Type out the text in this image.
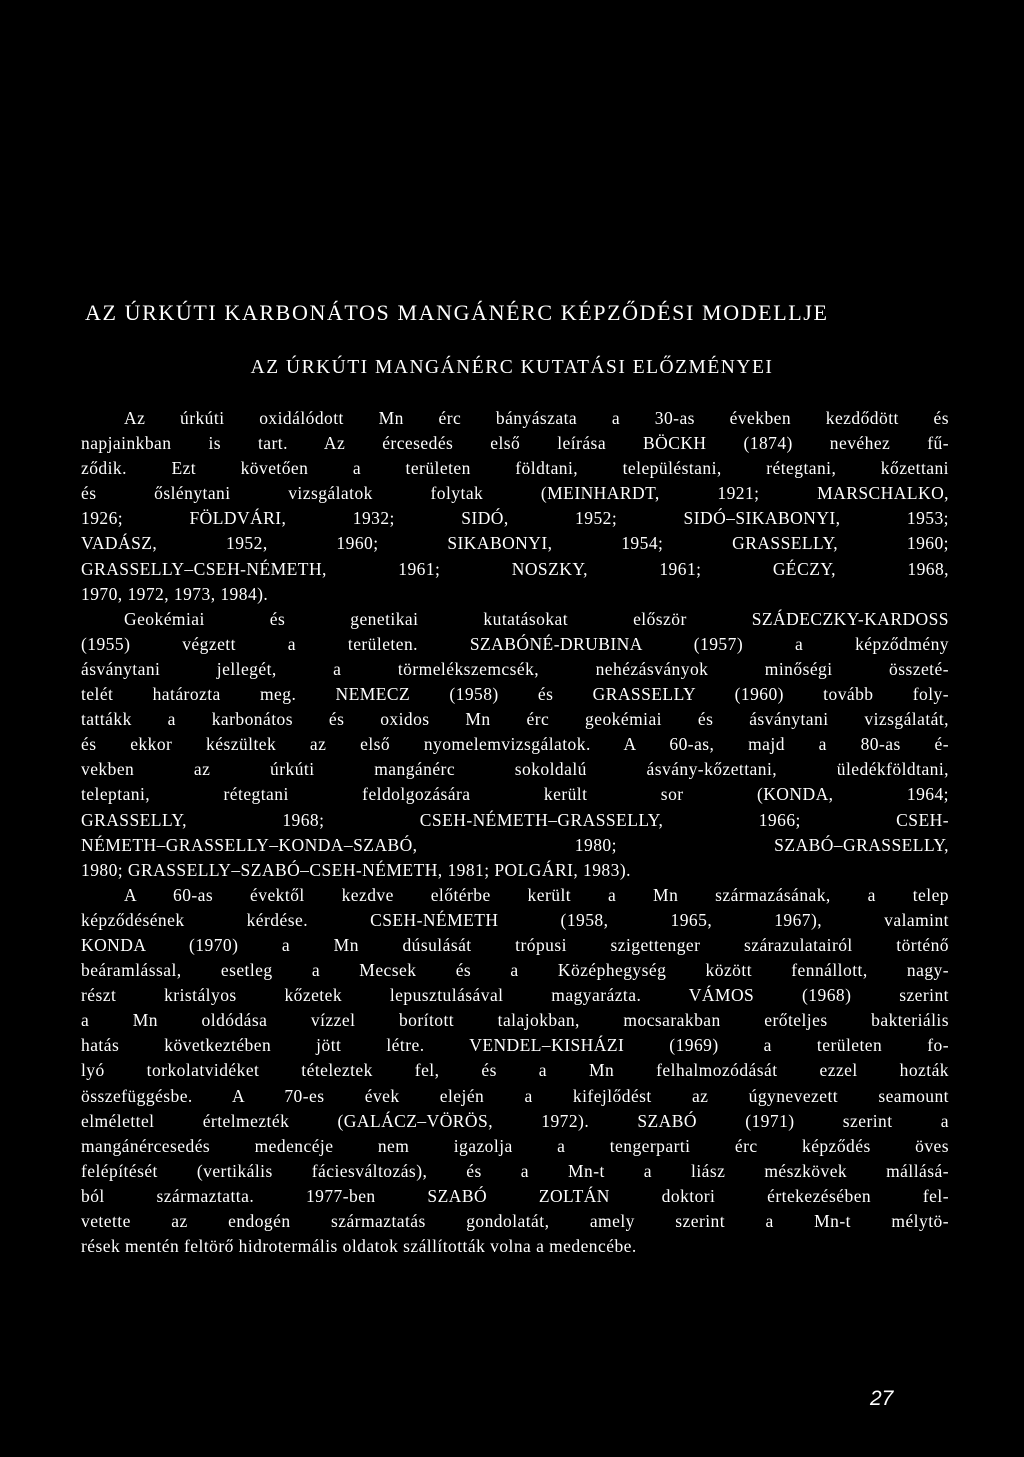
AZ ÚRKÚTI KARBONÁTOS MANGÁNÉRC KÉPZŐDÉSI MODELLJE
AZ ÚRKÚTI MANGÁNÉRC KUTATÁSI ELŐZMÉNYEI
Az úrkúti oxidálódott Mn érc bányászata a 30-as években kezdődött és
napjainkban is tart. Az ércesedés első leírása BÖCKH (1874) nevéhez fű-
ződik. Ezt követően a területen földtani, településtani, rétegtani, kőzettani
és őslénytani vizsgálatok folytak (MEINHARDT, 1921; MARSCHALKO,
1926; FÖLDVÁRI, 1932; SIDÓ, 1952; SIDÓ–SIKABONYI, 1953;
VADÁSZ, 1952, 1960; SIKABONYI, 1954; GRASSELLY, 1960;
GRASSELLY–CSEH-NÉMETH, 1961; NOSZKY, 1961; GÉCZY, 1968,
1970, 1972, 1973, 1984).
Geokémiai és genetikai kutatásokat először SZÁDECZKY-KARDOSS
(1955) végzett a területen. SZABÓNÉ-DRUBINA (1957) a képződmény
ásványtani jellegét, a törmelékszemcsék, nehézásványok minőségi összeté-
telét határozta meg. NEMECZ (1958) és GRASSELLY (1960) tovább foly-
tattákk a karbonátos és oxidos Mn érc geokémiai és ásványtani vizsgálatát,
és ekkor készültek az első nyomelemvizsgálatok. A 60-as, majd a 80-as é-
vekben az úrkúti mangánérc sokoldalú ásvány-kőzettani, üledékföldtani,
teleptani, rétegtani feldolgozására került sor (KONDA, 1964;
GRASSELLY, 1968; CSEH-NÉMETH–GRASSELLY, 1966; CSEH-
NÉMETH–GRASSELLY–KONDA–SZABÓ, 1980; SZABÓ–GRASSELLY,
1980; GRASSELLY–SZABÓ–CSEH-NÉMETH, 1981; POLGÁRI, 1983).
A 60-as évektől kezdve előtérbe került a Mn származásának, a telep
képződésének kérdése. CSEH-NÉMETH (1958, 1965, 1967), valamint
KONDA (1970) a Mn dúsulását trópusi szigettenger szárazulatairól történő
beáramlással, esetleg a Mecsek és a Középhegység között fennállott, nagy-
részt kristályos kőzetek lepusztulásával magyarázta. VÁMOS (1968) szerint
a Mn oldódása vízzel borított talajokban, mocsarakban erőteljes bakteriális
hatás következtében jött létre. VENDEL–KISHÁZI (1969) a területen fo-
lyó torkolatvidéket tételeztek fel, és a Mn felhalmozódását ezzel hozták
összefüggésbe. A 70-es évek elején a kifejlődést az úgynevezett seamount
elmélettel értelmezték (GALÁCZ–VÖRÖS, 1972). SZABÓ (1971) szerint a
mangánércesedés medencéje nem igazolja a tengerparti érc képződés öves
felépítését (vertikális fáciesváltozás), és a Mn-t a liász mészkövek mállásá-
ból származtatta. 1977-ben SZABÓ ZOLTÁN doktori értekezésében fel-
vetette az endogén származtatás gondolatát, amely szerint a Mn-t mélytö-
rések mentén feltörő hidrotermális oldatok szállították volna a medencébe.
27
